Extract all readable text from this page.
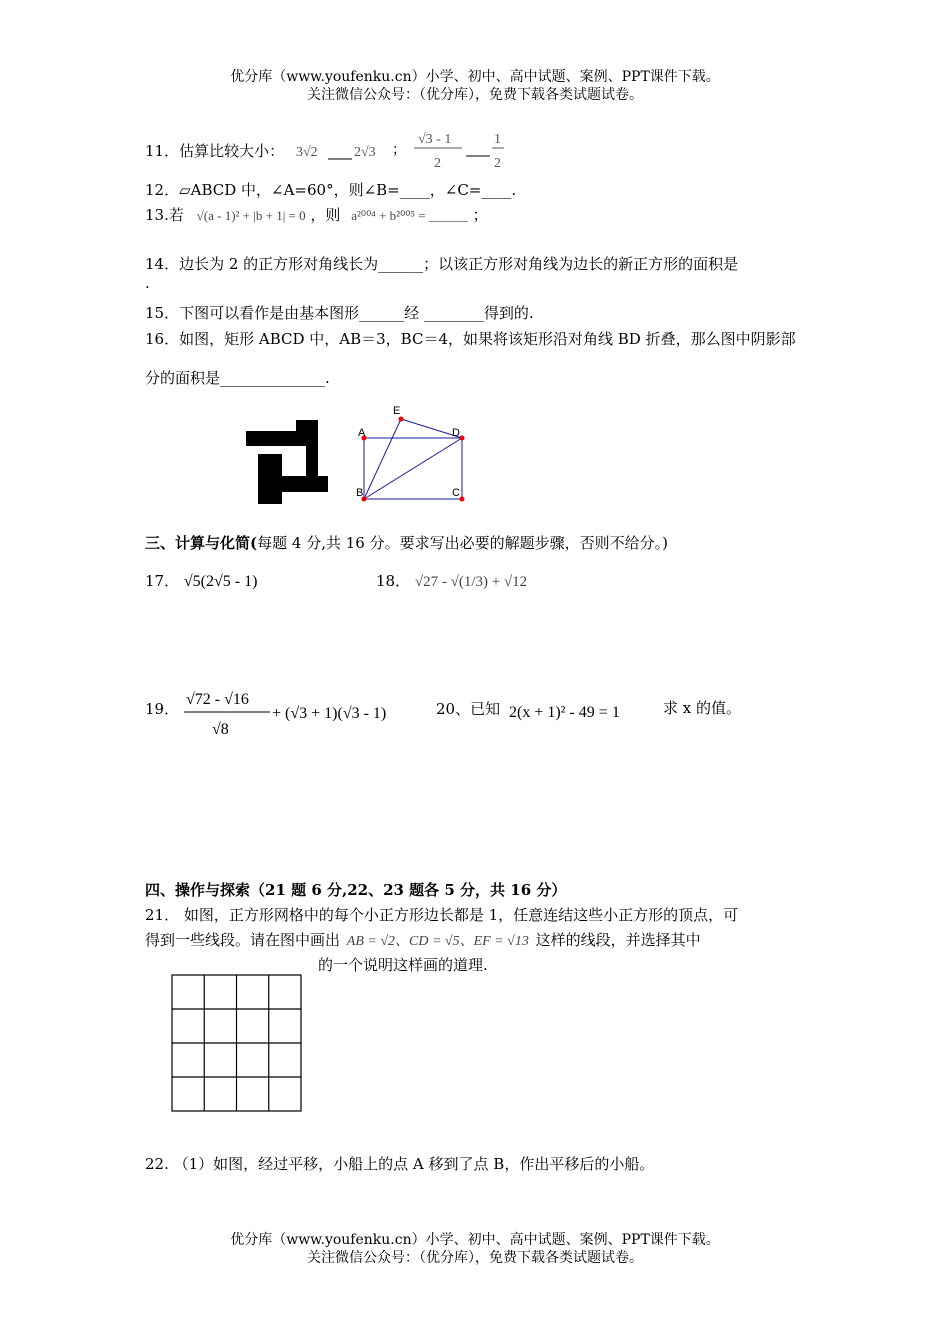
优分库（www.youfenku.cn）小学、初中、高中试题、案例、PPT课件下载。
关注微信公众号：（优分库），免费下载各类试题试卷。
11．估算比较大小： 3√2	2√3 ；
√3 - 1
2
1
2
12．▱ABCD 中，∠A=60°，则∠B=____，∠C=____.
13.若 √(a - 1)² + |b + 1| = 0 ，则 a²⁰⁰⁴ + b²⁰⁰⁵ = ______ ；
14．边长为 2 的正方形对角线长为______；以该正方形对角线为边长的新正方形的面积是
.
15．下图可以看作是由基本图形______经 ________得到的.
16．如图，矩形 ABCD 中，AB＝3，BC＝4，如果将该矩形沿对角线 BD 折叠，那么图中阴影部
分的面积是______________.
E
A	D
B	C
三、计算与化简(每题 4 分,共 16 分。要求写出必要的解题步骤，否则不给分。)
17． √5(2√5 - 1)	18． √27 - √(1/3) + √12
19．
√72 - √16
√8
+ (√3 + 1)(√3 - 1)	20、已知 2(x + 1)² - 49 = 1	求 x 的值。
四、操作与探索（21 题 6 分,22、23 题各 5 分，共 16 分）
21． 如图，正方形网格中的每个小正方形边长都是 1，任意连结这些小正方形的顶点，可
得到一些线段。请在图中画出 AB = √2、CD = √5、EF = √13 这样的线段，并选择其中
的一个说明这样画的道理.
22. （1）如图，经过平移，小船上的点 A 移到了点 B，作出平移后的小船。
优分库（www.youfenku.cn）小学、初中、高中试题、案例、PPT课件下载。
关注微信公众号：（优分库），免费下载各类试题试卷。
